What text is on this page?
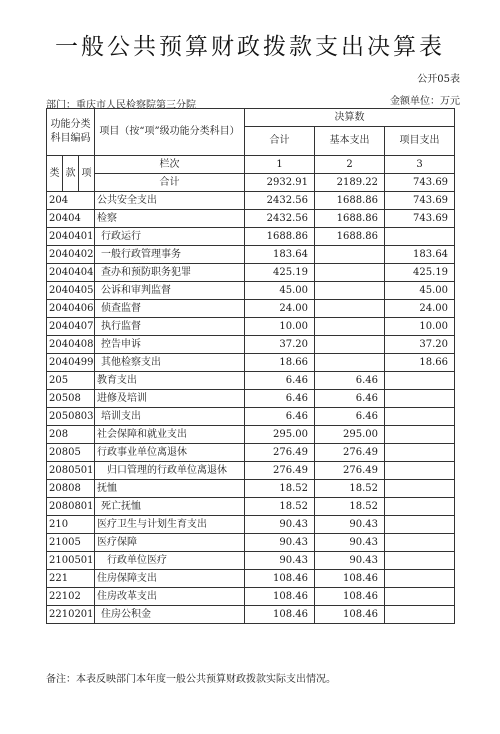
一般公共预算财政拨款支出决算表
公开05表
金额单位：万元
部门：重庆市人民检察院第三分院
功能分类科目编码			项目（按“项”级功能分类科目）	决算数		
				合计	基本支出	项目支出
类	款	项	栏次	1	2	3
			合计	2932.91	2189.22	743.69
204			公共安全支出	2432.56	1688.86	743.69
20404			检察	2432.56	1688.86	743.69
2040401			行政运行	1688.86	1688.86	
2040402			一般行政管理事务	183.64		183.64
2040404			查办和预防职务犯罪	425.19		425.19
2040405			公诉和审判监督	45.00		45.00
2040406			侦查监督	24.00		24.00
2040407			执行监督	10.00		10.00
2040408			控告申诉	37.20		37.20
2040499			其他检察支出	18.66		18.66
205			教育支出	6.46	6.46	
20508			进修及培训	6.46	6.46	
2050803			培训支出	6.46	6.46	
208			社会保障和就业支出	295.00	295.00	
20805			行政事业单位离退休	276.49	276.49	
2080501			归口管理的行政单位离退休	276.49	276.49	
20808			抚恤	18.52	18.52	
2080801			死亡抚恤	18.52	18.52	
210			医疗卫生与计划生育支出	90.43	90.43	
21005			医疗保障	90.43	90.43	
2100501			行政单位医疗	90.43	90.43	
221			住房保障支出	108.46	108.46	
22102			住房改革支出	108.46	108.46	
2210201			住房公积金	108.46	108.46	
备注：本表反映部门本年度一般公共预算财政拨款实际支出情况。
